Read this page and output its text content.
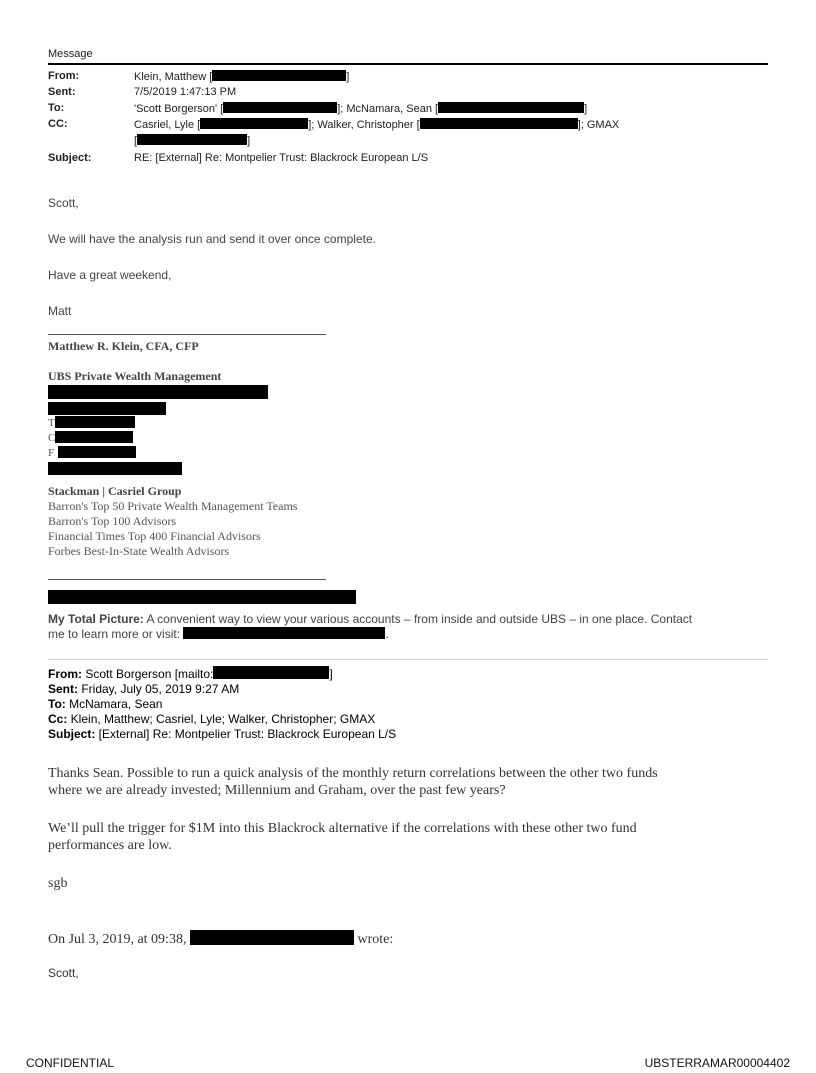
Message
From:	Klein, Matthew [	]
Sent:	7/5/2019 1:47:13 PM
To:	'Scott Borgerson' [	]; McNamara, Sean [	]
CC:	Casriel, Lyle [	]; Walker, Christopher [	]; GMAX
[	]
Subject:	RE: [External] Re: Montpelier Trust: Blackrock European L/S
Scott,
We will have the analysis run and send it over once complete.
Have a great weekend,
Matt
Matthew R. Klein, CFA, CFP
UBS Private Wealth Management
T
C
F
Stackman | Casriel Group
Barron's Top 50 Private Wealth Management Teams
Barron's Top 100 Advisors
Financial Times Top 400 Financial Advisors
Forbes Best-In-State Wealth Advisors
My Total Picture: A convenient way to view your various accounts – from inside and outside UBS – in one place. Contact
me to learn more or visit:	.
From: Scott Borgerson [mailto:	]
Sent: Friday, July 05, 2019 9:27 AM
To: McNamara, Sean
Cc: Klein, Matthew; Casriel, Lyle; Walker, Christopher; GMAX
Subject: [External] Re: Montpelier Trust: Blackrock European L/S
Thanks Sean. Possible to run a quick analysis of the monthly return correlations between the other two funds
where we are already invested; Millennium and Graham, over the past few years?
We’ll pull the trigger for $1M into this Blackrock alternative if the correlations with these other two fund
performances are low.
sgb
On Jul 3, 2019, at 09:38,	wrote:
Scott,
CONFIDENTIAL	UBSTERRAMAR00004402
